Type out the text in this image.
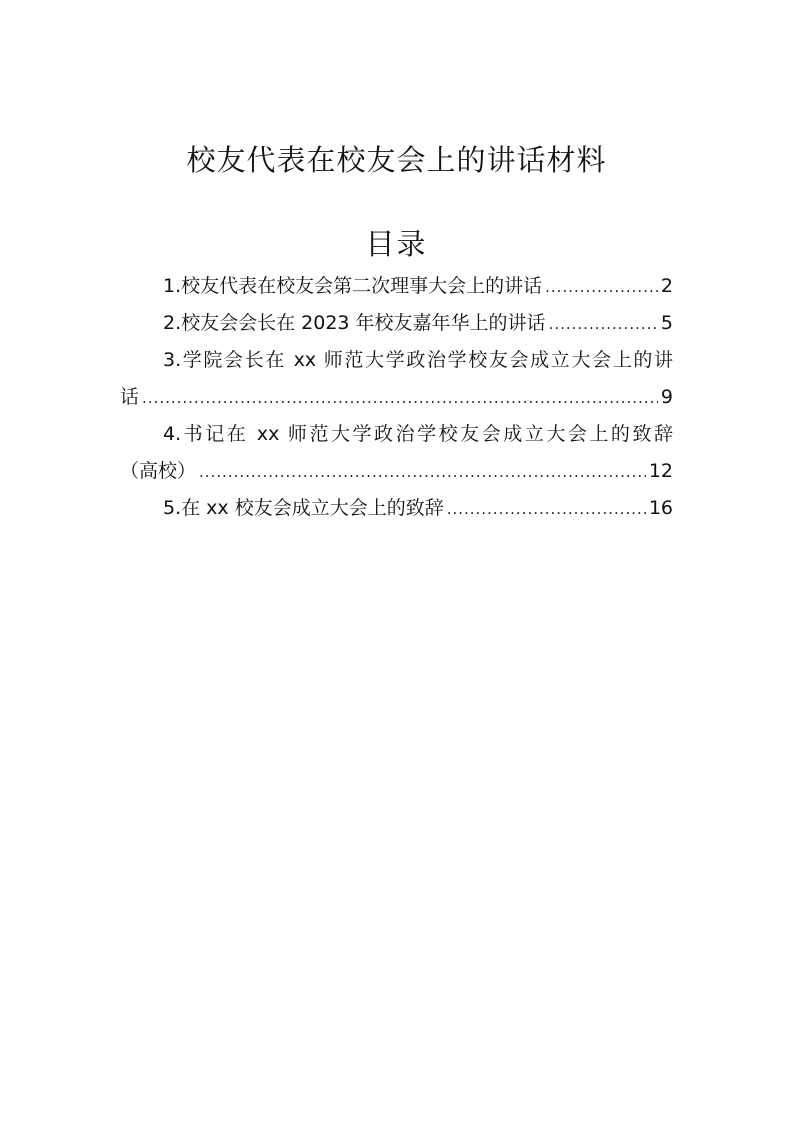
校友代表在校友会上的讲话材料
目录
1.校友代表在校友会第二次理事大会上的讲话 .....	2
2.校友会会长在 2023 年校友嘉年华上的讲话 .....	5
3.学院会长在 xx 师范大学政治学校友会成立大会上的讲
话 .....	9
4.书记在 xx 师范大学政治学校友会成立大会上的致辞
（高校） .....	12
5.在 xx 校友会成立大会上的致辞 .....	16
